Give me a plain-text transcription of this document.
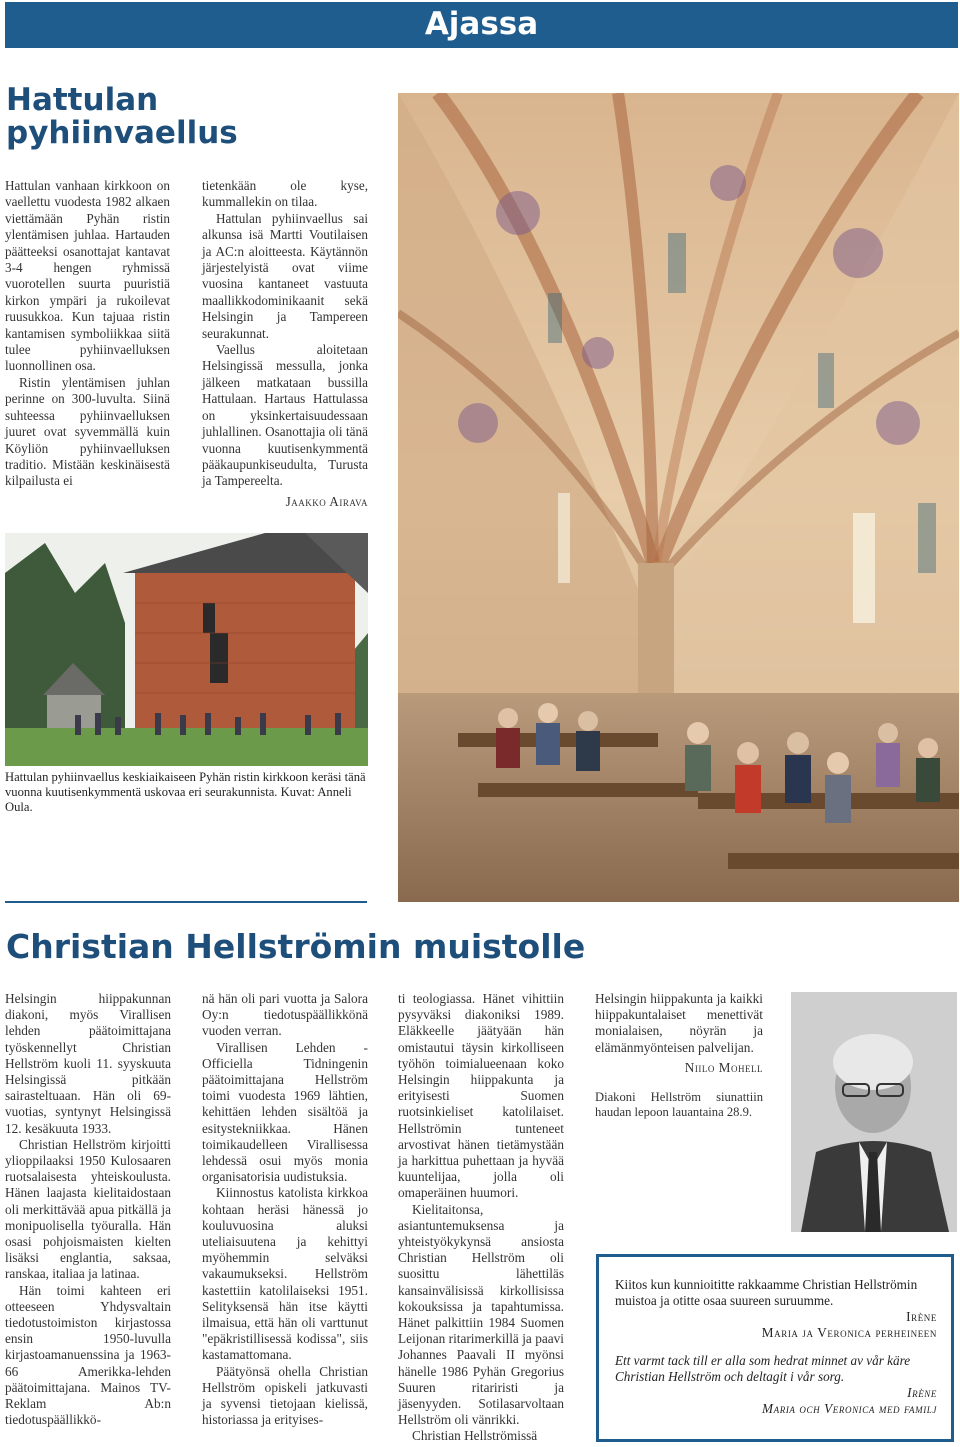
Ajassa
Hattulan pyhiinvaellus

Hattulan vanhaan kirkkoon on vaellettu vuodesta 1982 alkaen viettämään Pyhän ristin ylentämisen juhlaa. Hartauden päätteeksi osanottajat kantavat 3-4 hengen ryhmissä vuorotellen suurta puuristiä kirkon ympäri ja rukoilevat ruusukkoa. Kun tajuaa ristin kantamisen symboliikkaa siitä tulee pyhiinvaelluksen luonnollinen osa.

Ristin ylentämisen juhlan perinne on 300-luvulta. Siinä suhteessa pyhiinvaelluksen juuret ovat syvemmällä kuin Köyliön pyhiinvaelluksen traditio. Mistään keskinäisestä kilpailusta ei

tietenkään ole kyse, kummallekin on tilaa.

Hattulan pyhiinvaellus sai alkunsa isä Martti Voutilaisen ja AC:n aloitteesta. Käytännön järjestelyistä ovat viime vuosina kantaneet vastuuta maallikkodominikaanit sekä Helsingin ja Tampereen seurakunnat.

Vaellus aloitetaan Helsingissä messulla, jonka jälkeen matkataan bussilla Hattulaan. Hartaus Hattulassa on yksinkertaisuudessaan juhlallinen. Osanottajia oli tänä vuonna kuutisenkymmentä pääkaupunkiseudulta, Turusta ja Tampereelta.

Jaakko Airava
Hattulan pyhiinvaellus keskiaikaiseen Pyhän ristin kirkkoon keräsi tänä vuonna kuutisenkymmentä uskovaa eri seurakunnista. Kuvat: Anneli Oula.
Christian Hellströmin muistolle

Helsingin hiippakunnan diakoni, myös Virallisen lehden päätoimittajana työskennellyt Christian Hellström kuoli 11. syyskuuta Helsingissä pitkään sairasteltuaan. Hän oli 69-vuotias, syntynyt Helsingissä 12. kesäkuuta 1933.

Christian Hellström kirjoitti ylioppilaaksi 1950 Kulosaaren ruotsalaisesta yhteiskoulusta. Hänen laajasta kielitaidostaan oli merkittävää apua pitkällä ja monipuolisella työuralla. Hän osasi pohjoismaisten kielten lisäksi englantia, saksaa, ranskaa, italiaa ja latinaa.

Hän toimi kahteen eri otteeseen Yhdysvaltain tiedotustoimiston kirjastossa ensin 1950-luvulla kirjastoamanuenssina ja 1963-66 Amerikka-lehden päätoimittajana. Mainos TV-Reklam Ab:n tiedotuspäällikkö-

nä hän oli pari vuotta ja Salora Oy:n tiedotuspäällikkönä vuoden verran.

Virallisen Lehden - Officiella Tidningenin päätoimittajana Hellström toimi vuodesta 1969 lähtien, kehittäen lehden sisältöä ja esitystekniikkaa. Hänen toimikaudelleen Virallisessa lehdessä osui myös monia organisatorisia uudistuksia.

Kiinnostus katolista kirkkoa kohtaan heräsi hänessä jo kouluvuosina aluksi uteliaisuutena ja kehittyi myöhemmin selväksi vakaumukseksi. Hellström kastettiin katolilaiseksi 1951. Selityksensä hän itse käytti ilmaisua, että hän oli varttunut "epäkristillisessä kodissa", siis kastamattomana.

Päätyönsä ohella Christian Hellström opiskeli jatkuvasti ja syvensi tietojaan kielissä, historiassa ja erityises-

ti teologiassa. Hänet vihittiin pysyväksi diakoniksi 1989. Eläkkeelle jäätyään hän omistautui täysin kirkolliseen työhön toimialueenaan koko Helsingin hiippakunta ja erityisesti Suomen ruotsinkieliset katolilaiset. Hellströmin tunteneet arvostivat hänen tietämystään ja harkittua puhettaan ja hyvää kuuntelijaa, jolla oli omaperäinen huumori.

Kielitaitonsa, asiantuntemuksensa ja yhteistyökykynsä ansiosta Christian Hellström oli suosittu lähettiläs kansainvälisissä kirkollisissa kokouksissa ja tapahtumissa. Hänet palkittiin 1984 Suomen Leijonan ritarimerkillä ja paavi Johannes Paavali II myönsi hänelle 1986 Pyhän Gregorius Suuren ritariristi ja jäsenyyden. Sotilasarvoltaan Hellström oli vänrikki.

Christian Hellströmissä

Helsingin hiippakunta ja kaikki hiippakuntalaiset menettivät monialaisen, nöyrän ja elämänmyönteisen palvelijan.

Niilo Mohell

Diakoni Hellström siunattiin haudan lepoon lauantaina 28.9.

Kiitos kun kunnioititte rakkaamme Christian Hellströmin muistoa ja otitte osaa suureen suruumme.

Irène
Maria ja Veronica perheineen

Ett varmt tack till er alla som hedrat minnet av vår käre Christian Hellström och deltagit i vår sorg.

Irène
Maria och Veronica med familj
